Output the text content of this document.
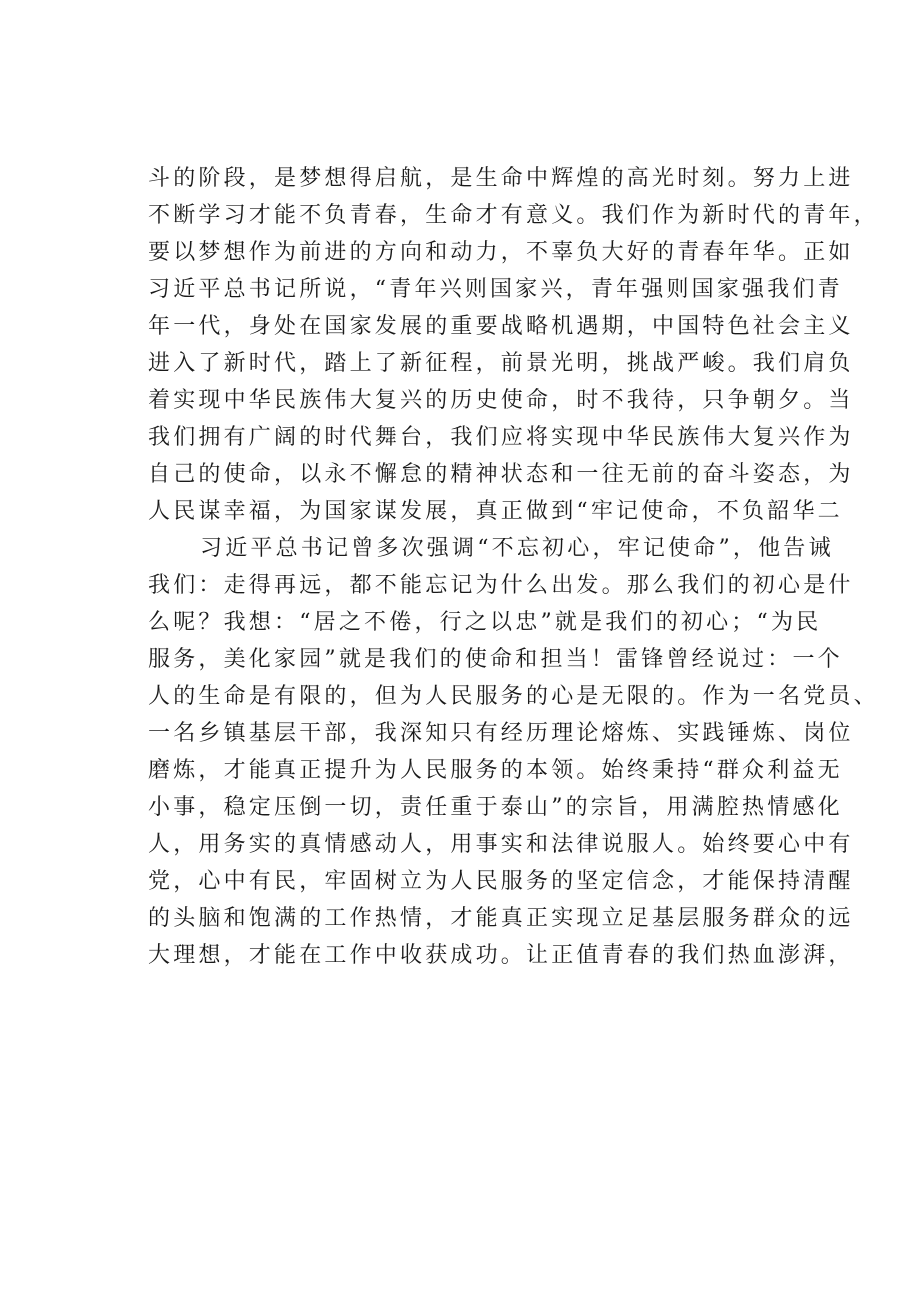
斗的阶段，是梦想得启航，是生命中辉煌的高光时刻。努力上进
不断学习才能不负青春，生命才有意义。我们作为新时代的青年，
要以梦想作为前进的方向和动力，不辜负大好的青春年华。正如
习近平总书记所说，“青年兴则国家兴，青年强则国家强我们青
年一代，身处在国家发展的重要战略机遇期，中国特色社会主义
进入了新时代，踏上了新征程，前景光明，挑战严峻。我们肩负
着实现中华民族伟大复兴的历史使命，时不我待，只争朝夕。当
我们拥有广阔的时代舞台，我们应将实现中华民族伟大复兴作为
自己的使命，以永不懈怠的精神状态和一往无前的奋斗姿态，为
人民谋幸福，为国家谋发展，真正做到“牢记使命，不负韶华二
习近平总书记曾多次强调“不忘初心，牢记使命”，他告诫
我们：走得再远，都不能忘记为什么出发。那么我们的初心是什
么呢？我想：“居之不倦，行之以忠”就是我们的初心；“为民
服务，美化家园”就是我们的使命和担当！雷锋曾经说过：一个
人的生命是有限的，但为人民服务的心是无限的。作为一名党员、
一名乡镇基层干部，我深知只有经历理论熔炼、实践锤炼、岗位
磨炼，才能真正提升为人民服务的本领。始终秉持“群众利益无
小事，稳定压倒一切，责任重于泰山”的宗旨，用满腔热情感化
人，用务实的真情感动人，用事实和法律说服人。始终要心中有
党，心中有民，牢固树立为人民服务的坚定信念，才能保持清醒
的头脑和饱满的工作热情，才能真正实现立足基层服务群众的远
大理想，才能在工作中收获成功。让正值青春的我们热血澎湃，
